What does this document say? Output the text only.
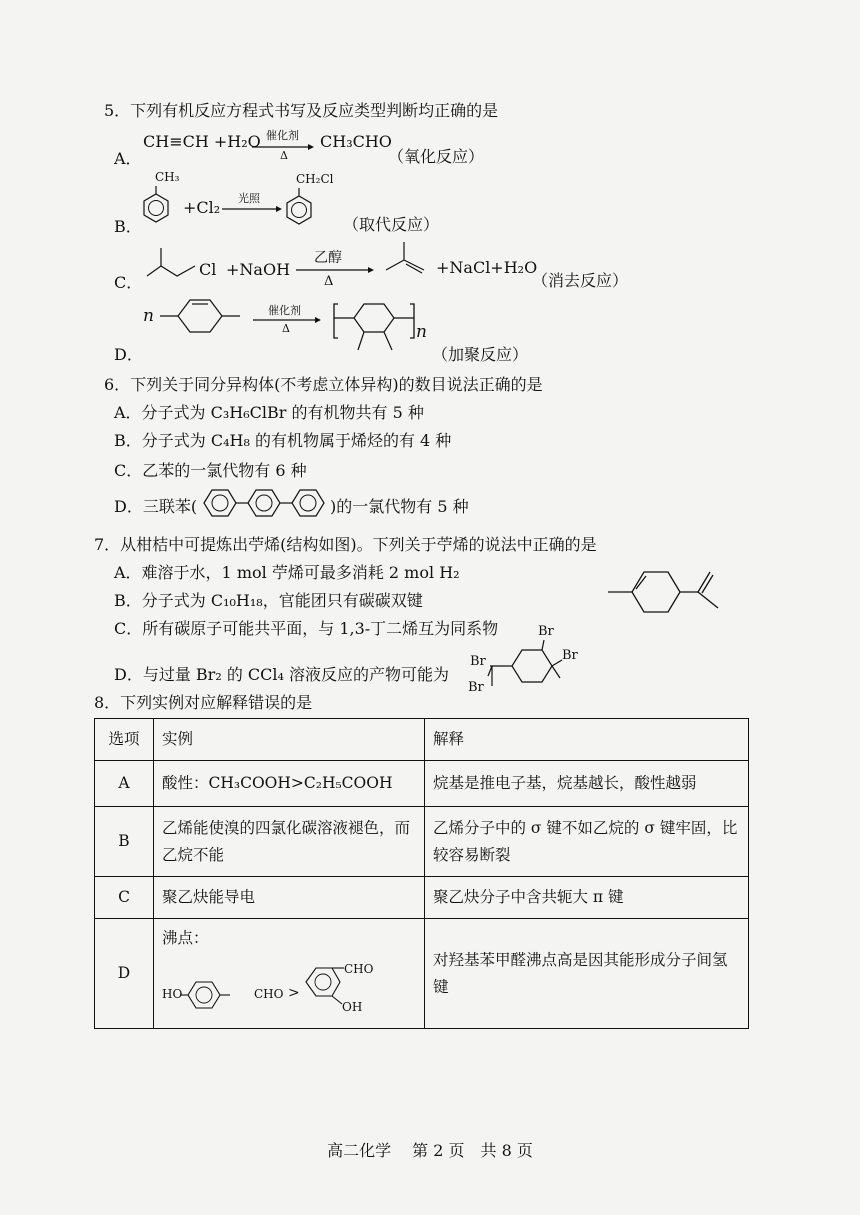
5．下列有机反应方程式书写及反应类型判断均正确的是
A．
CH≡CH +H₂O 催化剂
Δ
CH₃CHO
（氧化反应）
B．
CH₃
+Cl₂ 光照
CH₂Cl
（取代反应）
C．
Cl +NaOH
乙醇
Δ
+NaCl+H₂O
（消去反应）
n	催化剂
Δ	n
D．	（加聚反应）
6．下列关于同分异构体(不考虑立体异构)的数目说法正确的是
A．分子式为 C₃H₆ClBr 的有机物共有 5 种
B．分子式为 C₄H₈ 的有机物属于烯烃的有 4 种
C．乙苯的一氯代物有 6 种
D．三联苯(	)的一氯代物有 5 种
7．从柑桔中可提炼出苧烯(结构如图)。下列关于苧烯的说法中正确的是
A．难溶于水，1 mol 苧烯可最多消耗 2 mol H₂
B．分子式为 C₁₀H₁₈，官能团只有碳碳双键
C．所有碳原子可能共平面，与 1,3-丁二烯互为同系物
D．与过量 Br₂ 的 CCl₄ 溶液反应的产物可能为
Br
Br
Br
Br
8．下列实例对应解释错误的是
选项	实例	解释
A	酸性：CH₃COOH>C₂H₅COOH	烷基是推电子基，烷基越长，酸性越弱
B	乙烯能使溴的四氯化碳溶液褪色，而乙烷不能	乙烯分子中的 σ 键不如乙烷的 σ 键牢固，比较容易断裂
C	聚乙炔能导电	聚乙炔分子中含共轭大 π 键
D	沸点：	对羟基苯甲醛沸点高是因其能形成分子间氢键
HO	CHO >
CHO
OH
高二化学　 第 2 页　共 8 页
